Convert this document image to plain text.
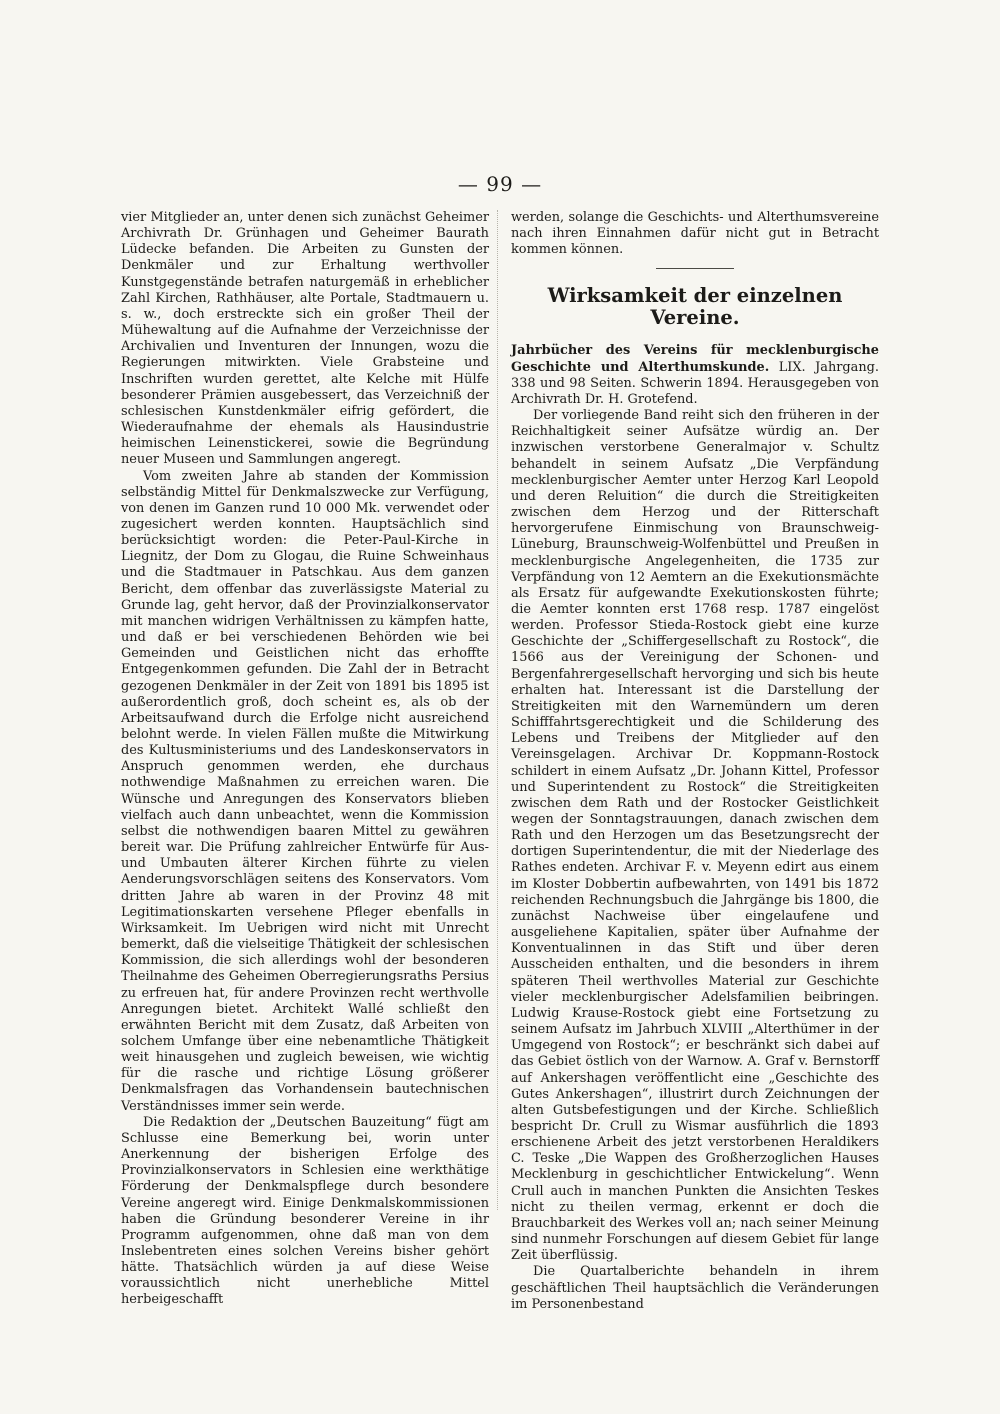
— 99 —

vier Mitglieder an, unter denen sich zunächst Geheimer Archivrath Dr. Grünhagen und Geheimer Baurath Lüdecke befanden. Die Arbeiten zu Gunsten der Denkmäler und zur Erhaltung werthvoller Kunstgegenstände betrafen naturgemäß in erheblicher Zahl Kirchen, Rathhäuser, alte Portale, Stadtmauern u. s. w., doch erstreckte sich ein großer Theil der Mühewaltung auf die Aufnahme der Verzeichnisse der Archivalien und Inventuren der Innungen, wozu die Regierungen mitwirkten. Viele Grabsteine und Inschriften wurden gerettet, alte Kelche mit Hülfe besonderer Prämien ausgebessert, das Verzeichniß der schlesischen Kunstdenkmäler eifrig gefördert, die Wiederaufnahme der ehemals als Hausindustrie heimischen Leinenstickerei, sowie die Begründung neuer Museen und Sammlungen angeregt.

Vom zweiten Jahre ab standen der Kommission selbständig Mittel für Denkmalszwecke zur Verfügung, von denen im Ganzen rund 10 000 Mk. verwendet oder zugesichert werden konnten. Hauptsächlich sind berücksichtigt worden: die Peter-Paul-Kirche in Liegnitz, der Dom zu Glogau, die Ruine Schweinhaus und die Stadtmauer in Patschkau. Aus dem ganzen Bericht, dem offenbar das zuverlässigste Material zu Grunde lag, geht hervor, daß der Provinzialkonservator mit manchen widrigen Verhältnissen zu kämpfen hatte, und daß er bei verschiedenen Behörden wie bei Gemeinden und Geistlichen nicht das erhoffte Entgegenkommen gefunden. Die Zahl der in Betracht gezogenen Denkmäler in der Zeit von 1891 bis 1895 ist außerordentlich groß, doch scheint es, als ob der Arbeitsaufwand durch die Erfolge nicht ausreichend belohnt werde. In vielen Fällen mußte die Mitwirkung des Kultusministeriums und des Landeskonservators in Anspruch genommen werden, ehe durchaus nothwendige Maßnahmen zu erreichen waren. Die Wünsche und Anregungen des Konservators blieben vielfach auch dann unbeachtet, wenn die Kommission selbst die nothwendigen baaren Mittel zu gewähren bereit war. Die Prüfung zahlreicher Entwürfe für Aus- und Umbauten älterer Kirchen führte zu vielen Aenderungsvorschlägen seitens des Konservators. Vom dritten Jahre ab waren in der Provinz 48 mit Legitimationskarten versehene Pfleger ebenfalls in Wirksamkeit. Im Uebrigen wird nicht mit Unrecht bemerkt, daß die vielseitige Thätigkeit der schlesischen Kommission, die sich allerdings wohl der besonderen Theilnahme des Geheimen Oberregierungsraths Persius zu erfreuen hat, für andere Provinzen recht werthvolle Anregungen bietet. Architekt Wallé schließt den erwähnten Bericht mit dem Zusatz, daß Arbeiten von solchem Umfange über eine nebenamtliche Thätigkeit weit hinausgehen und zugleich beweisen, wie wichtig für die rasche und richtige Lösung größerer Denkmalsfragen das Vorhandensein bautechnischen Verständnisses immer sein werde.

Die Redaktion der „Deutschen Bauzeitung“ fügt am Schlusse eine Bemerkung bei, worin unter Anerkennung der bisherigen Erfolge des Provinzialkonservators in Schlesien eine werkthätige Förderung der Denkmalspflege durch besondere Vereine angeregt wird. Einige Denkmalskommissionen haben die Gründung besonderer Vereine in ihr Programm aufgenommen, ohne daß man von dem Inslebentreten eines solchen Vereins bisher gehört hätte. Thatsächlich würden ja auf diese Weise voraussichtlich nicht unerhebliche Mittel herbeigeschafft

werden, solange die Geschichts- und Alterthumsvereine nach ihren Einnahmen dafür nicht gut in Betracht kommen können.

Wirksamkeit der einzelnen Vereine.

Jahrbücher des Vereins für mecklenburgische Geschichte und Alterthumskunde. LIX. Jahrgang. 338 und 98 Seiten. Schwerin 1894. Herausgegeben von Archivrath Dr. H. Grotefend.

Der vorliegende Band reiht sich den früheren in der Reichhaltigkeit seiner Aufsätze würdig an. Der inzwischen verstorbene Generalmajor v. Schultz behandelt in seinem Aufsatz „Die Verpfändung mecklenburgischer Aemter unter Herzog Karl Leopold und deren Reluition“ die durch die Streitigkeiten zwischen dem Herzog und der Ritterschaft hervorgerufene Einmischung von Braunschweig-Lüneburg, Braunschweig-Wolfenbüttel und Preußen in mecklenburgische Angelegenheiten, die 1735 zur Verpfändung von 12 Aemtern an die Exekutionsmächte als Ersatz für aufgewandte Exekutionskosten führte; die Aemter konnten erst 1768 resp. 1787 eingelöst werden. Professor Stieda-Rostock giebt eine kurze Geschichte der „Schiffergesellschaft zu Rostock“, die 1566 aus der Vereinigung der Schonen- und Bergenfahrergesellschaft hervorging und sich bis heute erhalten hat. Interessant ist die Darstellung der Streitigkeiten mit den Warnemündern um deren Schifffahrtsgerechtigkeit und die Schilderung des Lebens und Treibens der Mitglieder auf den Vereinsgelagen. Archivar Dr. Koppmann-Rostock schildert in einem Aufsatz „Dr. Johann Kittel, Professor und Superintendent zu Rostock“ die Streitigkeiten zwischen dem Rath und der Rostocker Geistlichkeit wegen der Sonntagstrauungen, danach zwischen dem Rath und den Herzogen um das Besetzungsrecht der dortigen Superintendentur, die mit der Niederlage des Rathes endeten. Archivar F. v. Meyenn edirt aus einem im Kloster Dobbertin aufbewahrten, von 1491 bis 1872 reichenden Rechnungsbuch die Jahrgänge bis 1800, die zunächst Nachweise über eingelaufene und ausgeliehene Kapitalien, später über Aufnahme der Konventualinnen in das Stift und über deren Ausscheiden enthalten, und die besonders in ihrem späteren Theil werthvolles Material zur Geschichte vieler mecklenburgischer Adelsfamilien beibringen. Ludwig Krause-Rostock giebt eine Fortsetzung zu seinem Aufsatz im Jahrbuch XLVIII „Alterthümer in der Umgegend von Rostock“; er beschränkt sich dabei auf das Gebiet östlich von der Warnow. A. Graf v. Bernstorff auf Ankershagen veröffentlicht eine „Geschichte des Gutes Ankershagen“, illustrirt durch Zeichnungen der alten Gutsbefestigungen und der Kirche. Schließlich bespricht Dr. Crull zu Wismar ausführlich die 1893 erschienene Arbeit des jetzt verstorbenen Heraldikers C. Teske „Die Wappen des Großherzoglichen Hauses Mecklenburg in geschichtlicher Entwickelung“. Wenn Crull auch in manchen Punkten die Ansichten Teskes nicht zu theilen vermag, erkennt er doch die Brauchbarkeit des Werkes voll an; nach seiner Meinung sind nunmehr Forschungen auf diesem Gebiet für lange Zeit überflüssig.

Die Quartalberichte behandeln in ihrem geschäftlichen Theil hauptsächlich die Veränderungen im Personenbestand
